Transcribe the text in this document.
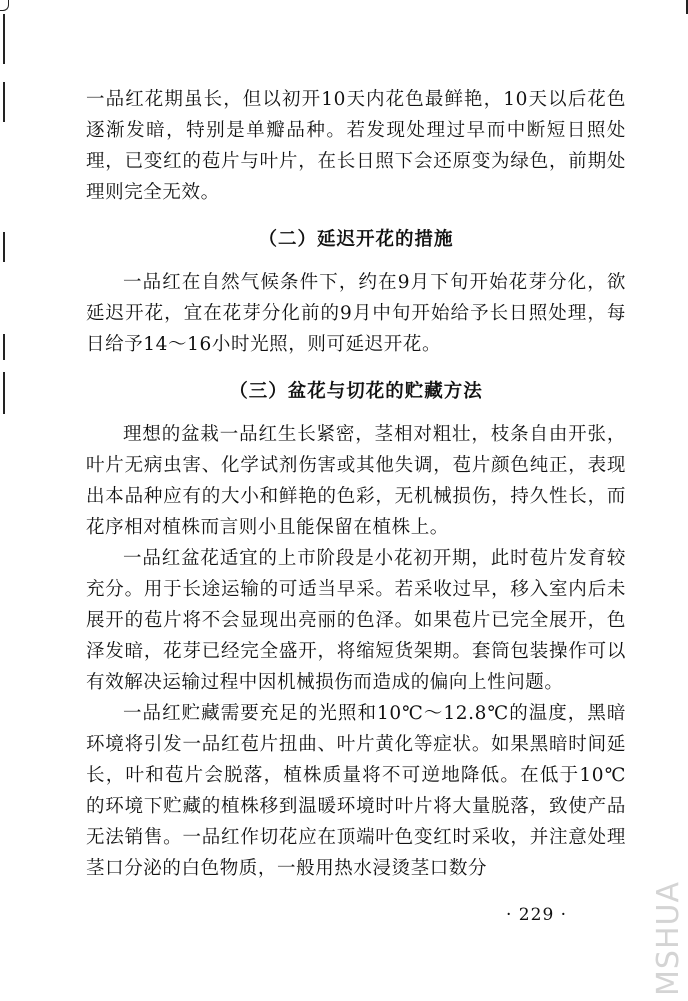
一品红花期虽长，但以初开10天内花色最鲜艳，10天以后花色逐渐发暗，特别是单瓣品种。若发现处理过早而中断短日照处理，已变红的苞片与叶片，在长日照下会还原变为绿色，前期处理则完全无效。

（二）延迟开花的措施

一品红在自然气候条件下，约在9月下旬开始花芽分化，欲延迟开花，宜在花芽分化前的9月中旬开始给予长日照处理，每日给予14～16小时光照，则可延迟开花。

（三）盆花与切花的贮藏方法

理想的盆栽一品红生长紧密，茎相对粗壮，枝条自由开张，叶片无病虫害、化学试剂伤害或其他失调，苞片颜色纯正，表现出本品种应有的大小和鲜艳的色彩，无机械损伤，持久性长，而花序相对植株而言则小且能保留在植株上。

一品红盆花适宜的上市阶段是小花初开期，此时苞片发育较充分。用于长途运输的可适当早采。若采收过早，移入室内后未展开的苞片将不会显现出亮丽的色泽。如果苞片已完全展开，色泽发暗，花芽已经完全盛开，将缩短货架期。套筒包装操作可以有效解决运输过程中因机械损伤而造成的偏向上性问题。

一品红贮藏需要充足的光照和10℃～12.8℃的温度，黑暗环境将引发一品红苞片扭曲、叶片黄化等症状。如果黑暗时间延长，叶和苞片会脱落，植株质量将不可逆地降低。在低于10℃的环境下贮藏的植株移到温暖环境时叶片将大量脱落，致使产品无法销售。一品红作切花应在顶端叶色变红时采收，并注意处理茎口分泌的白色物质，一般用热水浸烫茎口数分

· 229 ·	MSHUA
